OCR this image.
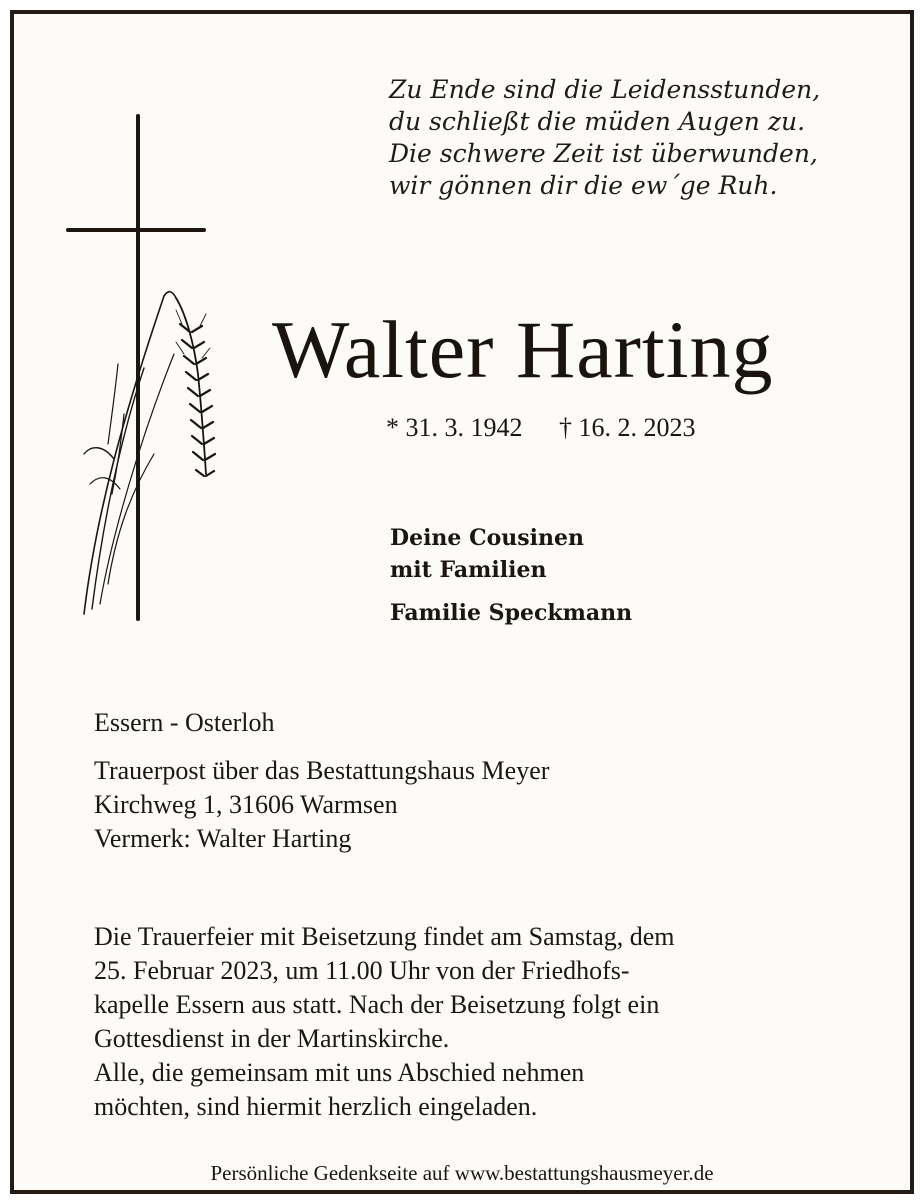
Zu Ende sind die Leidensstunden,
du schließt die müden Augen zu.
Die schwere Zeit ist überwunden,
wir gönnen dir die ew´ge Ruh.
Walter Harting
* 31. 3. 1942 † 16. 2. 2023
Deine Cousinen
mit Familien
Familie Speckmann
Essern - Osterloh
Trauerpost über das Bestattungshaus Meyer
Kirchweg 1, 31606 Warmsen
Vermerk: Walter Harting
Die Trauerfeier mit Beisetzung findet am Samstag, dem
25. Februar 2023, um 11.00 Uhr von der Friedhofs-
kapelle Essern aus statt. Nach der Beisetzung folgt ein
Gottesdienst in der Martinskirche.
Alle, die gemeinsam mit uns Abschied nehmen
möchten, sind hiermit herzlich eingeladen.
Persönliche Gedenkseite auf www.bestattungshausmeyer.de
